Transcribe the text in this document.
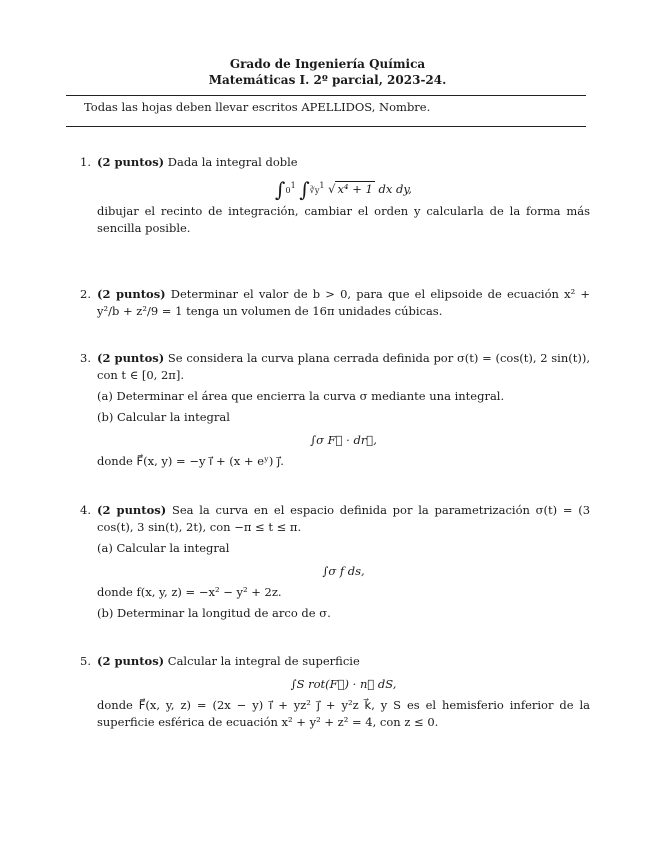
Grado de Ingeniería Química
Matemáticas I. 2º parcial, 2023-24.
Todas las hojas deben llevar escritos APELLIDOS, Nombre.
1. (2 puntos) Dada la integral doble
$\int 0^1$ $\int∛y^1$ √ x⁴ + 1 dx dy,
dibujar el recinto de integración, cambiar el orden y calcularla de la forma más sencilla posible.
2. (2 puntos) Determinar el valor de b > 0, para que el elipsoide de ecuación x² + y²/b + z²/9 = 1 tenga un volumen de 16π unidades cúbicas.
3. (2 puntos) Se considera la curva plana cerrada definida por σ(t) = (cos(t), 2 sin(t)), con t ∈ [0, 2π].
(a) Determinar el área que encierra la curva σ mediante una integral.
(b) Calcular la integral
∫σ F⃗ · dr⃗,
donde F⃗(x, y) = −y i⃗ + (x + eʸ) j⃗.
4. (2 puntos) Sea la curva en el espacio definida por la parametrización σ(t) = (3 cos(t), 3 sin(t), 2t), con −π ≤ t ≤ π.
(a) Calcular la integral
∫σ f ds,
donde f(x, y, z) = −x² − y² + 2z.
(b) Determinar la longitud de arco de σ.
5. (2 puntos) Calcular la integral de superficie
∫S rot(F⃗) · n⃗ dS,
donde F⃗(x, y, z) = (2x − y) i⃗ + yz² j⃗ + y²z k⃗, y S es el hemisferio inferior de la superficie esférica de ecuación x² + y² + z² = 4, con z ≤ 0.
